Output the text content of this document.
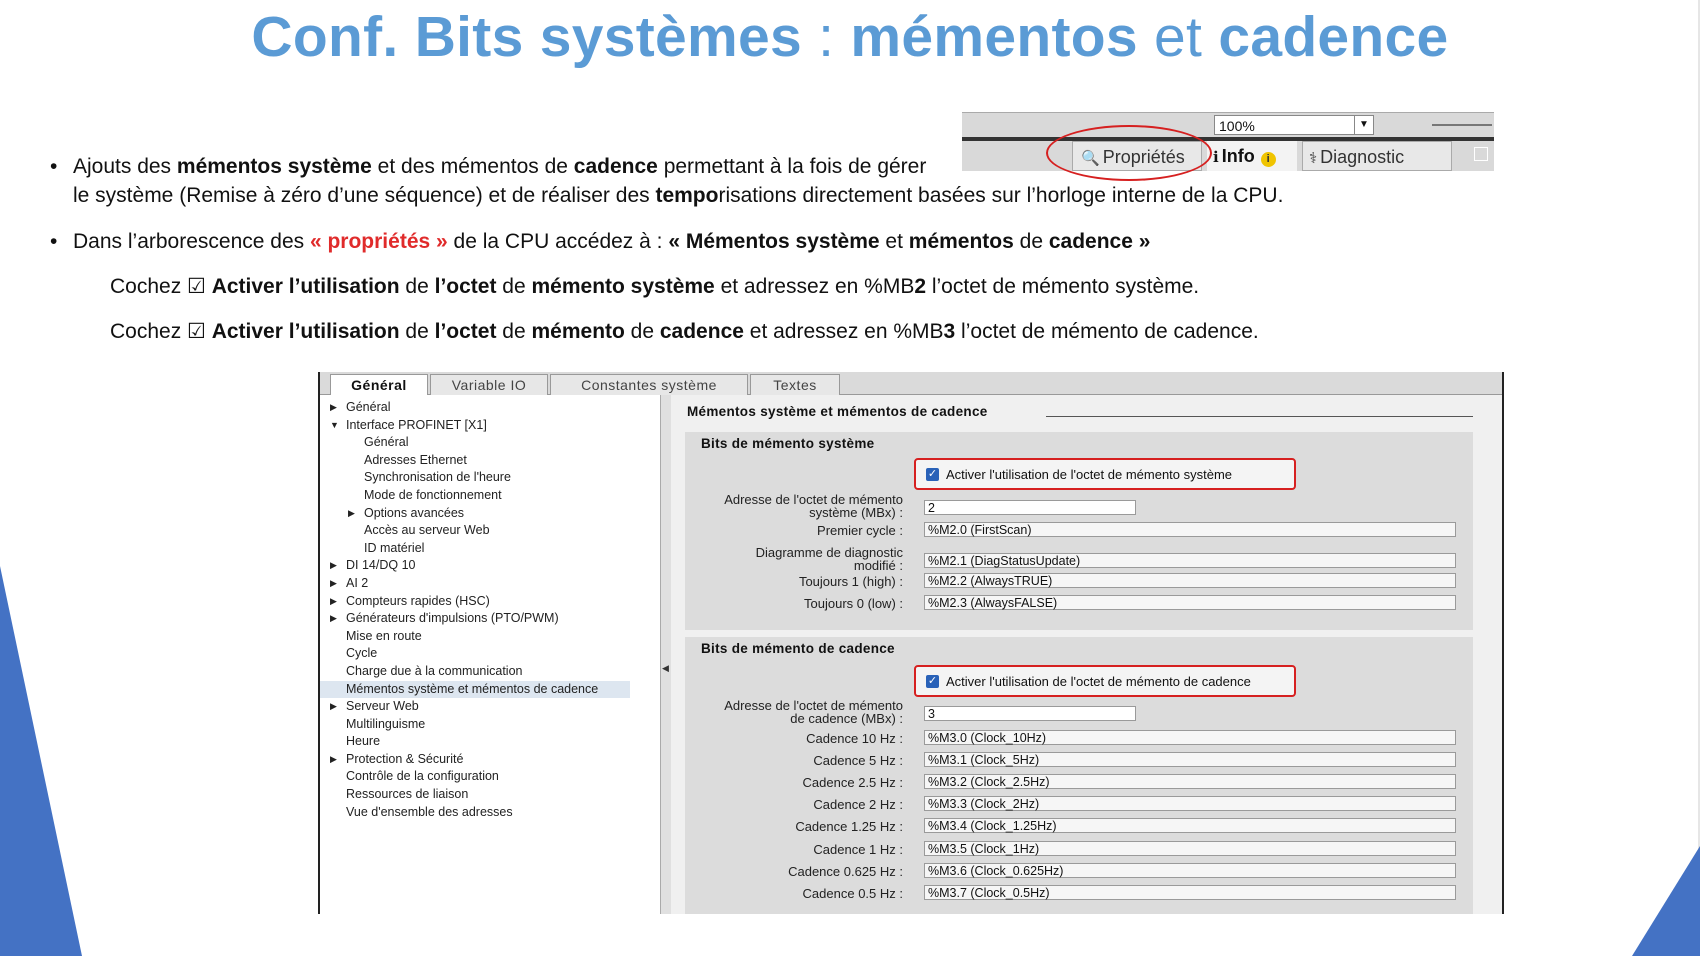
Conf. Bits systèmes : mémentos et cadence
• Ajouts des mémentos système et des mémentos de cadence permettant à la fois de gérer
le système (Remise à zéro d’une séquence) et de réaliser des temporisations directement basées sur l’horloge interne de la CPU.
• Dans l’arborescence des « propriétés » de la CPU accédez à : « Mémentos système et mémentos de cadence »
Cochez ☑ Activer l’utilisation de l’octet de mémento système et adressez en %MB2 l’octet de mémento système.
Cochez ☑ Activer l’utilisation de l’octet de mémento de cadence et adressez en %MB3 l’octet de mémento de cadence.
100%	▼
🔍 Propriétés	ℹ Info i	⚕ Diagnostic
Général	Variable IO	Constantes système	Textes
▶ Général
▼ Interface PROFINET [X1]
Général
Adresses Ethernet
Synchronisation de l'heure
Mode de fonctionnement
▶ Options avancées
Accès au serveur Web
ID matériel
▶ DI 14/DQ 10
▶ AI 2
▶ Compteurs rapides (HSC)
▶ Générateurs d'impulsions (PTO/PWM)
Mise en route
Cycle
Charge due à la communication
Mémentos système et mémentos de cadence
▶ Serveur Web
Multilinguisme
Heure
▶ Protection & Sécurité
Contrôle de la configuration
Ressources de liaison
Vue d'ensemble des adresses
◀
Mémentos système et mémentos de cadence
Bits de mémento système
✓ Activer l'utilisation de l'octet de mémento système
Adresse de l'octet de mémento
système (MBx) :	2
Premier cycle :	%M2.0 (FirstScan)
Diagramme de diagnostic
modifié :	%M2.1 (DiagStatusUpdate)
Toujours 1 (high) :	%M2.2 (AlwaysTRUE)
Toujours 0 (low) :	%M2.3 (AlwaysFALSE)
Bits de mémento de cadence
✓ Activer l'utilisation de l'octet de mémento de cadence
Adresse de l'octet de mémento
de cadence (MBx) :	3
Cadence 10 Hz :	%M3.0 (Clock_10Hz)
Cadence 5 Hz :	%M3.1 (Clock_5Hz)
Cadence 2.5 Hz :	%M3.2 (Clock_2.5Hz)
Cadence 2 Hz :	%M3.3 (Clock_2Hz)
Cadence 1.25 Hz :	%M3.4 (Clock_1.25Hz)
Cadence 1 Hz :	%M3.5 (Clock_1Hz)
Cadence 0.625 Hz :	%M3.6 (Clock_0.625Hz)
Cadence 0.5 Hz :	%M3.7 (Clock_0.5Hz)
